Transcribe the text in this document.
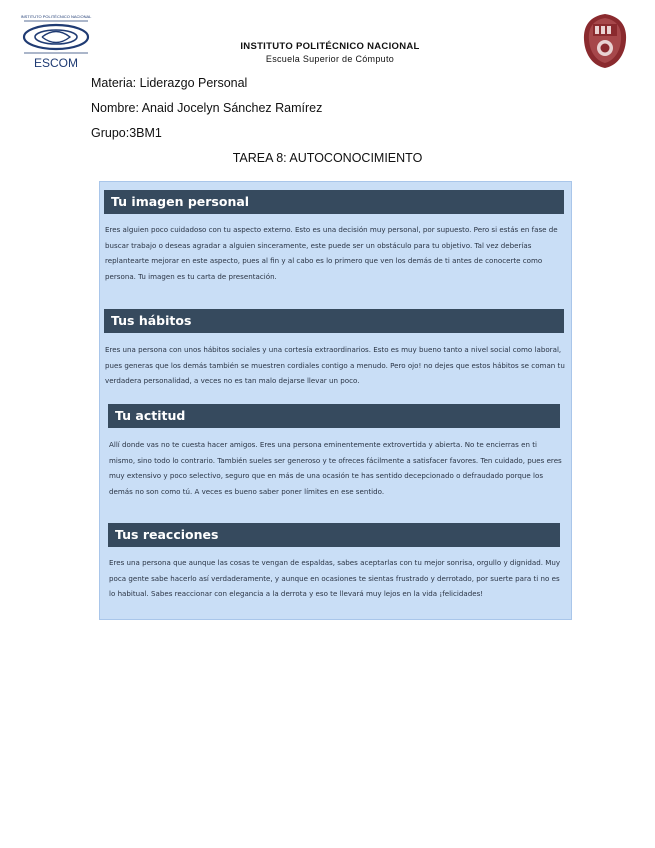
INSTITUTO POLITÉCNICO NACIONAL
ESCOM
INSTITUTO POLITÉCNICO NACIONAL
Escuela Superior de Cómputo
Materia: Liderazgo Personal
Nombre: Anaid Jocelyn Sánchez Ramírez
Grupo:3BM1
TAREA 8: AUTOCONOCIMIENTO
Tu imagen personal
Eres alguien poco cuidadoso con tu aspecto externo. Esto es una decisión muy personal, por supuesto. Pero si estás en fase de buscar trabajo o deseas agradar a alguien sinceramente, este puede ser un obstáculo para tu objetivo. Tal vez deberías replantearte mejorar en este aspecto, pues al fin y al cabo es lo primero que ven los demás de ti antes de conocerte como persona. Tu imagen es tu carta de presentación.
Tus hábitos
Eres una persona con unos hábitos sociales y una cortesía extraordinarios. Esto es muy bueno tanto a nivel social como laboral, pues generas que los demás también se muestren cordiales contigo a menudo. Pero ojo! no dejes que estos hábitos se coman tu verdadera personalidad, a veces no es tan malo dejarse llevar un poco.
Tu actitud
Allí donde vas no te cuesta hacer amigos. Eres una persona eminentemente extrovertida y abierta. No te encierras en ti mismo, sino todo lo contrario. También sueles ser generoso y te ofreces fácilmente a satisfacer favores. Ten cuidado, pues eres muy extensivo y poco selectivo, seguro que en más de una ocasión te has sentido decepcionado o defraudado porque los demás no son como tú. A veces es bueno saber poner límites en ese sentido.
Tus reacciones
Eres una persona que aunque las cosas te vengan de espaldas, sabes aceptarlas con tu mejor sonrisa, orgullo y dignidad. Muy poca gente sabe hacerlo así verdaderamente, y aunque en ocasiones te sientas frustrado y derrotado, por suerte para ti no es lo habitual. Sabes reaccionar con elegancia a la derrota y eso te llevará muy lejos en la vida ¡felicidades!
